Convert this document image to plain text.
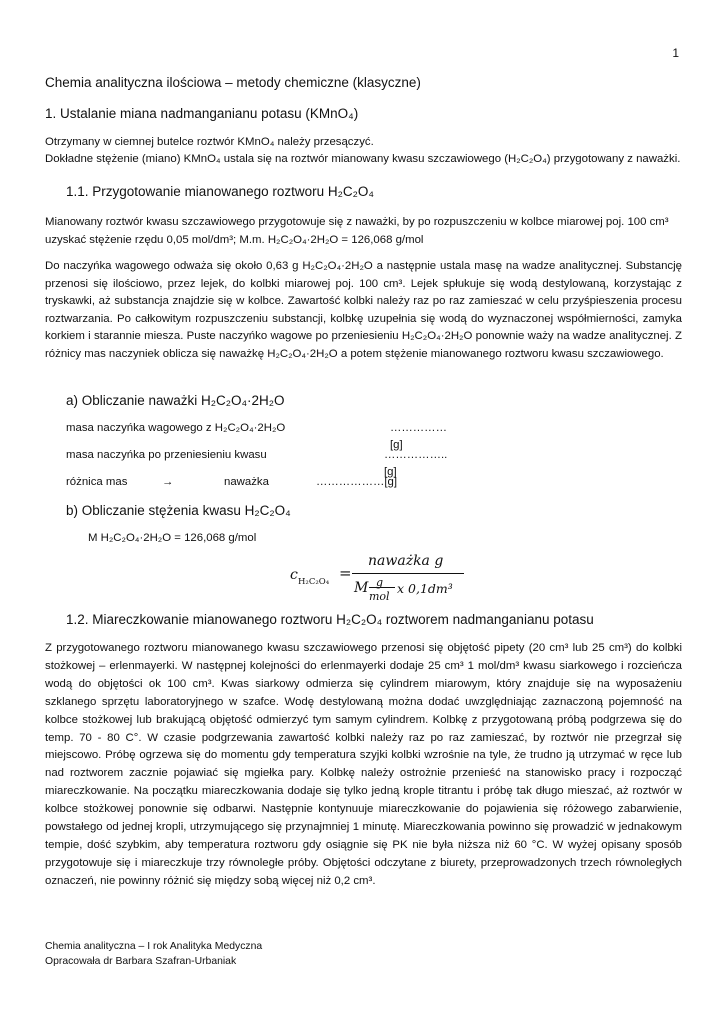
1
Chemia analityczna ilościowa – metody chemiczne (klasyczne)
1. Ustalanie miana nadmanganianu potasu (KMnO₄)
Otrzymany w ciemnej butelce roztwór KMnO₄ należy przesączyć.
Dokładne stężenie (miano) KMnO₄ ustala się na roztwór mianowany kwasu szczawiowego (H₂C₂O₄) przygotowany z naważki.
1.1. Przygotowanie mianowanego roztworu H₂C₂O₄
Mianowany roztwór kwasu szczawiowego przygotowuje się z naważki, by po rozpuszczeniu w kolbce miarowej poj. 100 cm³ uzyskać stężenie rzędu 0,05 mol/dm³; M.m. H₂C₂O₄·2H₂O = 126,068 g/mol
Do naczyńka wagowego odważa się około 0,63 g H₂C₂O₄·2H₂O a następnie ustala masę na wadze analitycznej. Substancję przenosi się ilościowo, przez lejek, do kolbki miarowej poj. 100 cm³. Lejek spłukuje się wodą destylowaną, korzystając z tryskawki, aż substancja znajdzie się w kolbce. Zawartość kolbki należy raz po raz zamieszać w celu przyśpieszenia procesu roztwarzania. Po całkowitym rozpuszczeniu substancji, kolbkę uzupełnia się wodą do wyznaczonej współmierności, zamyka korkiem i starannie miesza. Puste naczyńko wagowe po przeniesieniu H₂C₂O₄·2H₂O ponownie waży na wadze analitycznej. Z różnicy mas naczyniek oblicza się naważkę H₂C₂O₄·2H₂O a potem stężenie mianowanego roztworu kwasu szczawiowego.
a) Obliczanie naważki H₂C₂O₄·2H₂O
masa naczyńka wagowego z H₂C₂O₄·2H₂O	…………… [g]
masa naczyńka po przeniesieniu kwasu	……………..[g]
różnica mas	→	naważka	………………[g]
b) Obliczanie stężenia kwasu H₂C₂O₄
M H₂C₂O₄·2H₂O = 126,068 g/mol
c H₂C₂O₄ =
naważka g
M g
mol
x 0,1dm³
1.2. Miareczkowanie mianowanego roztworu H₂C₂O₄ roztworem nadmanganianu potasu
Z przygotowanego roztworu mianowanego kwasu szczawiowego przenosi się objętość pipety (20 cm³ lub 25 cm³) do kolbki stożkowej – erlenmayerki. W następnej kolejności do erlenmayerki dodaje 25 cm³ 1 mol/dm³ kwasu siarkowego i rozcieńcza wodą do objętości ok 100 cm³. Kwas siarkowy odmierza się cylindrem miarowym, który znajduje się na wyposażeniu szklanego sprzętu laboratoryjnego w szafce. Wodę destylowaną można dodać uwzględniając zaznaczoną pojemność na kolbce stożkowej lub brakującą objętość odmierzyć tym samym cylindrem. Kolbkę z przygotowaną próbą podgrzewa się do temp. 70 - 80 C°. W czasie podgrzewania zawartość kolbki należy raz po raz zamieszać, by roztwór nie przegrzał się miejscowo. Próbę ogrzewa się do momentu gdy temperatura szyjki kolbki wzrośnie na tyle, że trudno ją utrzymać w ręce lub nad roztworem zacznie pojawiać się mgiełka pary. Kolbkę należy ostrożnie przenieść na stanowisko pracy i rozpocząć miareczkowanie. Na początku miareczkowania dodaje się tylko jedną krople titrantu i próbę tak długo mieszać, aż roztwór w kolbce stożkowej ponownie się odbarwi. Następnie kontynuuje miareczkowanie do pojawienia się różowego zabarwienie, powstałego od jednej kropli, utrzymującego się przynajmniej 1 minutę. Miareczkowania powinno się prowadzić w jednakowym tempie, dość szybkim, aby temperatura roztworu gdy osiągnie się PK nie była niższa niż 60 °C. W wyżej opisany sposób przygotowuje się i miareczkuje trzy równoległe próby. Objętości odczytane z biurety, przeprowadzonych trzech równoległych oznaczeń, nie powinny różnić się między sobą więcej niż 0,2 cm³.
Chemia analityczna – I rok Analityka Medyczna
Opracowała dr Barbara Szafran-Urbaniak
